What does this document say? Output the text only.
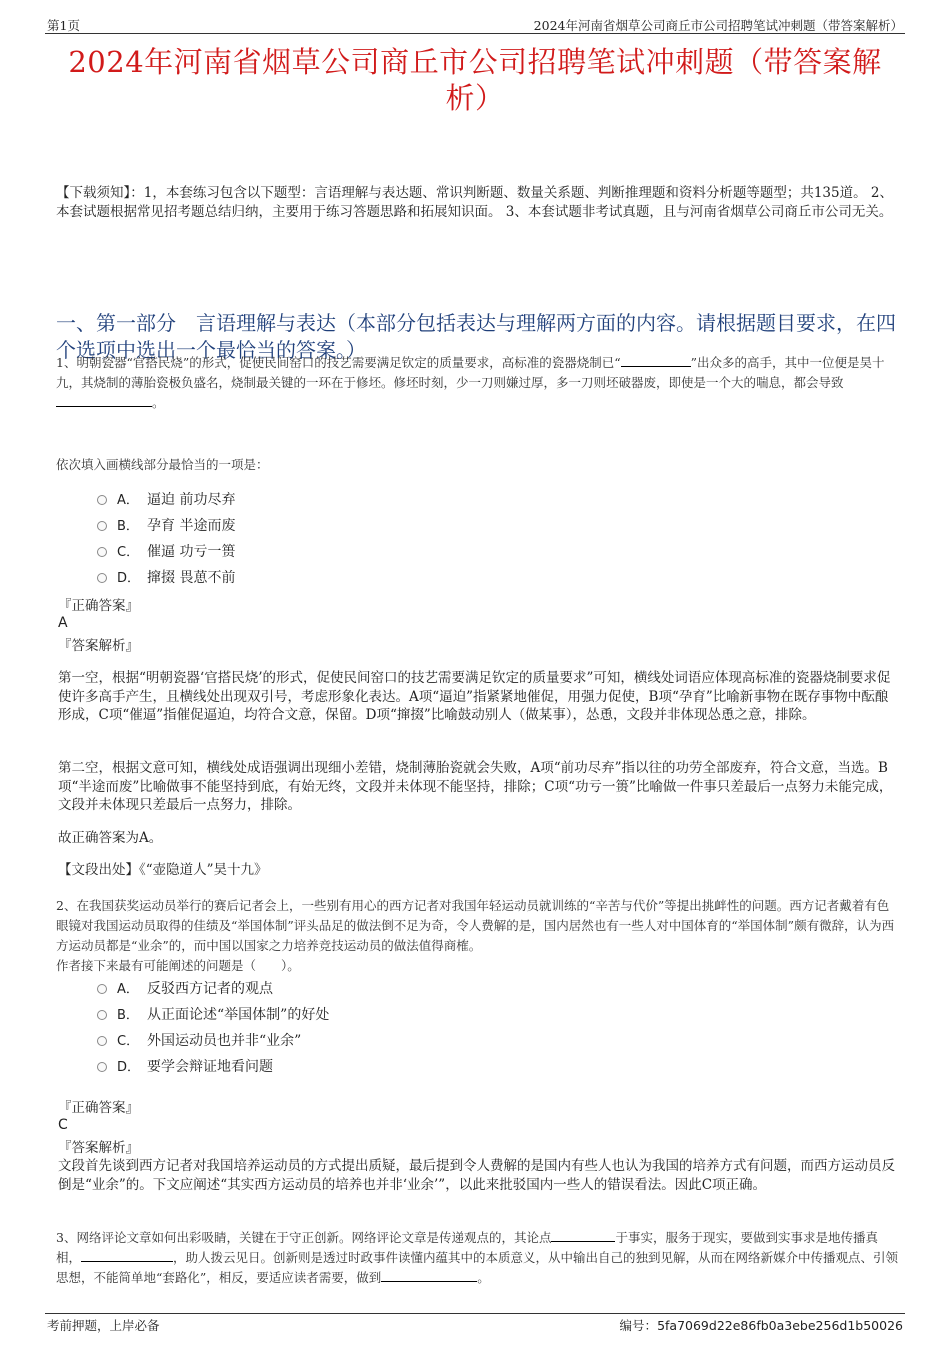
第1页	2024年河南省烟草公司商丘市公司招聘笔试冲刺题（带答案解析）
2024年河南省烟草公司商丘市公司招聘笔试冲刺题（带答案解析）
【下载须知】：1，本套练习包含以下题型：言语理解与表达题、常识判断题、数量关系题、判断推理题和资料分析题等题型；共135道。 2、本套试题根据常见招考题总结归纳，主要用于练习答题思路和拓展知识面。 3、本套试题非考试真题，且与河南省烟草公司商丘市公司无关。
一、第一部分　言语理解与表达（本部分包括表达与理解两方面的内容。请根据题目要求，在四个选项中选出一个最恰当的答案。）
1、明朝瓷器“官搭民烧”的形式，促使民间窑口的技艺需要满足钦定的质量要求，高标准的瓷器烧制已“	”出众多的高手，其中一位便是昊十九，其烧制的薄胎瓷极负盛名，烧制最关键的一环在于修坯。修坯时刻，少一刀则嫌过厚，多一刀则坯破器废，即使是一个大的喘息，都会导致。
依次填入画横线部分最恰当的一项是：
A． 逼迫 前功尽弃
B． 孕育 半途而废
C． 催逼 功亏一篑
D． 撺掇 畏葸不前
『正确答案』
A
『答案解析』
第一空，根据“明朝瓷器‘官搭民烧’的形式，促使民间窑口的技艺需要满足钦定的质量要求”可知，横线处词语应体现高标准的瓷器烧制要求促使许多高手产生，且横线处出现双引号，考虑形象化表达。A项“逼迫”指紧紧地催促，用强力促使，B项“孕育”比喻新事物在既存事物中酝酿形成，C项“催逼”指催促逼迫，均符合文意，保留。D项“撺掇”比喻鼓动别人（做某事），怂恿，文段并非体现怂恿之意，排除。
第二空，根据文意可知，横线处成语强调出现细小差错，烧制薄胎瓷就会失败，A项“前功尽弃”指以往的功劳全部废弃，符合文意，当选。B项“半途而废”比喻做事不能坚持到底，有始无终，文段并未体现不能坚持，排除；C项“功亏一篑”比喻做一件事只差最后一点努力未能完成，文段并未体现只差最后一点努力，排除。
故正确答案为A。
【文段出处】《“壶隐道人”昊十九》
2、在我国获奖运动员举行的赛后记者会上，一些别有用心的西方记者对我国年轻运动员就训练的“辛苦与代价”等提出挑衅性的问题。西方记者戴着有色眼镜对我国运动员取得的佳绩及“举国体制”评头品足的做法倒不足为奇，令人费解的是，国内居然也有一些人对中国体育的“举国体制”颇有微辞，认为西方运动员都是“业余”的，而中国以国家之力培养竞技运动员的做法值得商榷。
作者接下来最有可能阐述的问题是（　　）。
A． 反驳西方记者的观点
B． 从正面论述“举国体制”的好处
C． 外国运动员也并非“业余”
D． 要学会辩证地看问题
『正确答案』
C
『答案解析』
文段首先谈到西方记者对我国培养运动员的方式提出质疑，最后提到令人费解的是国内有些人也认为我国的培养方式有问题，而西方运动员反倒是“业余”的。下文应阐述“其实西方运动员的培养也并非‘业余’”，以此来批驳国内一些人的错误看法。因此C项正确。
3、网络评论文章如何出彩吸睛，关键在于守正创新。网络评论文章是传递观点的，其论点	于事实，服务于现实，要做到实事求是地传播真相，	，助人拨云见日。创新则是透过时政事件读懂内蕴其中的本质意义，从中输出自己的独到见解，从而在网络新媒介中传播观点、引领思想，不能简单地“套路化”，相反，要适应读者需要，做到	。
考前押题，上岸必备	编号：5fa7069d22e86fb0a3ebe256d1b50026
